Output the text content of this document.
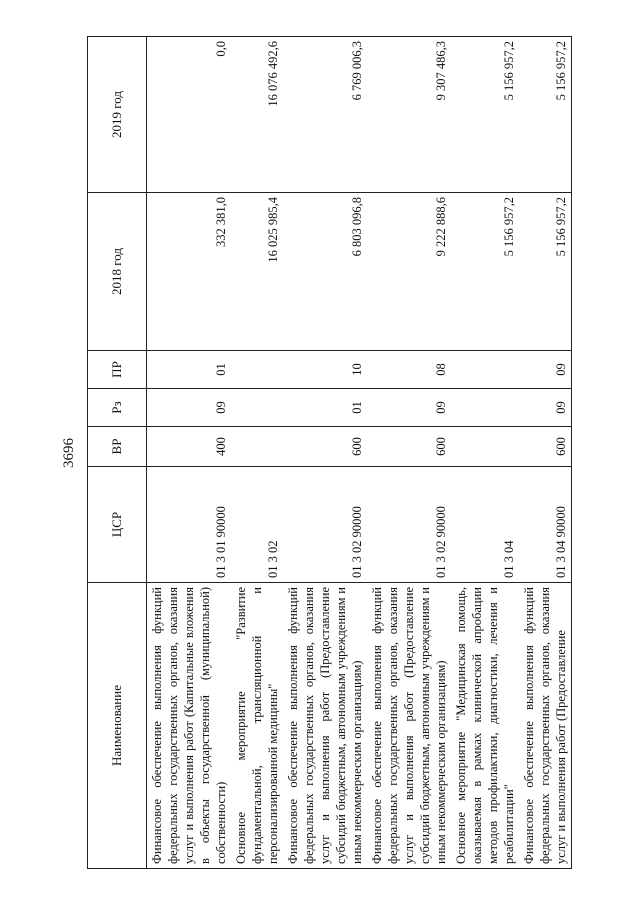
3696
Наименование	ЦСР	ВР	Рз	ПР	2018 год	2019 год
Финансовое обеспечение выполнения функций федеральных государственных органов, оказания услуг и выполнения работ (Капитальные вложения в объекты государственной (муниципальной) собственности)	01 3 01 90000	400	09	01	332 381,0	0,0
Основное мероприятие "Развитие фундаментальной, трансляционной и персонализированной медицины"	01 3 02				16 025 985,4	16 076 492,6
Финансовое обеспечение выполнения функций федеральных государственных органов, оказания услуг и выполнения работ (Предоставление субсидий бюджетным, автономным учреждениям и иным некоммерческим организациям)	01 3 02 90000	600	01	10	6 803 096,8	6 769 006,3
Финансовое обеспечение выполнения функций федеральных государственных органов, оказания услуг и выполнения работ (Предоставление субсидий бюджетным, автономным учреждениям и иным некоммерческим организациям)	01 3 02 90000	600	09	08	9 222 888,6	9 307 486,3
Основное мероприятие "Медицинская помощь, оказываемая в рамках клинической апробации методов профилактики, диагностики, лечения и реабилитации"	01 3 04				5 156 957,2	5 156 957,2
Финансовое обеспечение выполнения функций федеральных государственных органов, оказания услуг и выполнения работ (Предоставление	01 3 04 90000	600	09	09	5 156 957,2	5 156 957,2
